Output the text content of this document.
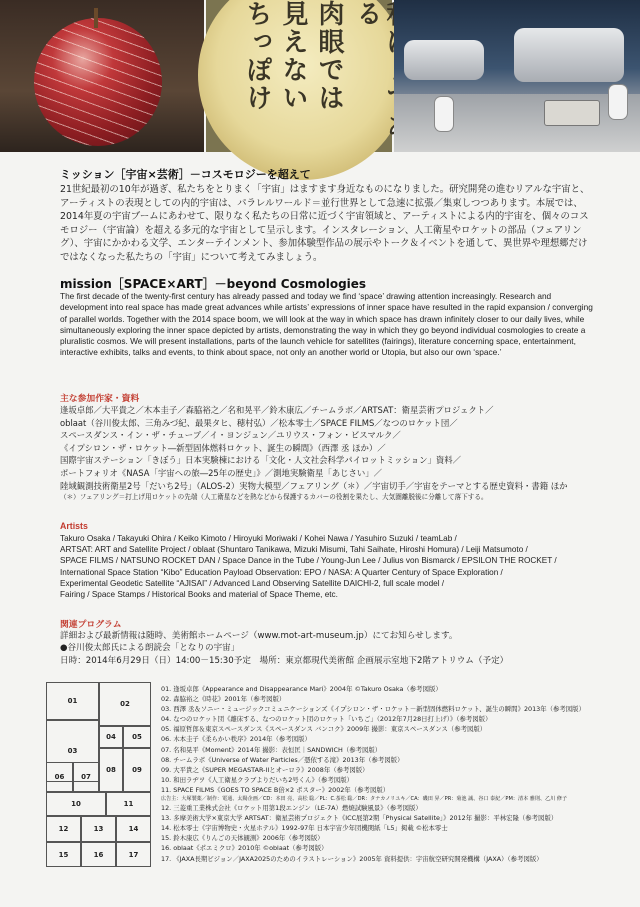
る
肉眼では
見えない
ちっぽけ
ミッション［宇宙×芸術］－コスモロジーを超えて
21世紀最初の10年が過ぎ、私たちをとりまく「宇宙」はますます身近なものになりました。研究開発の進むリアルな宇宙と、アーティストの表現としての内的宇宙は、パラレルワールド＝並行世界として急速に拡張／集束しつつあります。本展では、2014年夏の宇宙ブームにあわせて、限りなく私たちの日常に近づく宇宙領域と、アーティストによる内的宇宙を、個々のコスモロジー（宇宙論）を超える多元的な宇宙として呈示します。インスタレーション、人工衛星やロケットの部品（フェアリング）、宇宙にかかわる文学、エンターテインメント、参加体験型作品の展示やトーク＆イベントを通して、異世界や理想郷だけではなくなった私たちの「宇宙」について考えてみましょう。
mission［SPACE×ART］－beyond Cosmologies
The first decade of the twenty-first century has already passed and today we find ‘space’ drawing attention increasingly. Research and development into real space has made great advances while artists’ expressions of inner space have resulted in the rapid expansion / converging of parallel worlds. Together with the 2014 space boom, we will look at the way in which space has drawn infinitely closer to our daily lives, while simultaneously exploring the inner space depicted by artists, demonstrating the way in which they go beyond individual cosmologies to create a pluralistic cosmos. We will present installations, parts of the launch vehicle for satellites (fairings), literature concerning space, entertainment, interactive exhibits, talks and events, to think about space, not only an another world or Utopia, but also our own ‘space.’
主な参加作家・資料
逢坂卓郎／大平貴之／木本圭子／森脇裕之／名和晃平／鈴木康広／チームラボ／ARTSAT：衛星芸術プロジェクト／
oblaat（谷川俊太郎、三角みづ紀、最果タヒ、穂村弘）／松本零士／SPACE FILMS／なつのロケット団／
スペースダンス・イン・ザ・チューブ／イ・ヨンジュン／ユリウス・フォン・ビスマルク／
《イプシロン・ザ・ロケット―新型固体燃料ロケット、誕生の瞬間》（西澤 丞 ほか）／
国際宇宙ステーション「きぼう」日本実験棟における「文化・人文社会科学パイロットミッション」資料／
ポートフォリオ《NASA「宇宙への旅―25年の歴史」》／測地実験衛星「あじさい」／
陸域観測技術衛星2号「だいち2号」（ALOS-2）実物大模型／フェアリング（＊）／宇宙切手／宇宙をテーマとする歴史資料・書籍 ほか
（＊）フェアリング＝打上げ用ロケットの先端（人工衛星などを熱などから保護するカバーの役割を果たし、大気圏離脱後に分離して落下する。
Artists
Takuro Osaka / Takayuki Ohira / Keiko Kimoto / Hiroyuki Moriwaki / Kohei Nawa / Yasuhiro Suzuki / teamLab /
ARTSAT: ART and Satellite Project / oblaat (Shuntaro Tanikawa, Mizuki Misumi, Tahi Saihate, Hiroshi Homura) / Leiji Matsumoto /
SPACE FILMS / NATSUNO ROCKET DAN / Space Dance in the Tube / Young-Jun Lee / Julius von Bismarck / EPSILON THE ROCKET /
International Space Station “Kibo” Education Payload Observation: EPO / NASA: A Quarter Century of Space Exploration /
Experimental Geodetic Satellite “AJISAI” / Advanced Land Observing Satellite DAICHI-2, full scale model /
Fairing / Space Stamps / Historical Books and material of Space Theme, etc.
関連プログラム
詳細および最新情報は随時、美術館ホームページ（www.mot-art-museum.jp）にてお知らせします。
●谷川俊太郎氏による朗読会「となりの宇宙」
日時：2014年6月29日（日）14:00－15:30予定　場所：東京都現代美術館 企画展示室地下2階アトリウム（予定）
01	02
03
04	05
06	07
08	09
10	11
12	13	14
15	16	17
01. 逢坂卓郎《Appearance and Disappearance Mari》2004年 ©Takuro Osaka（参考図版）
02. 森脇裕之《時花》2001年（参考図版）
03. 西澤 丞＆ソニー・ミュージックコミュニケーションズ《イプシロン・ザ・ロケット－新型固体燃料ロケット、誕生の瞬間》2013年（参考図版）
04. なつのロケット団《離床する、なつのロケット団のロケット「いちご」（2012年7月28日打上げ）》（参考図版）
05. 福原哲郎＆東京スペースダンス《スペースダンス バンコク》2009年 撮影：東京スペースダンス（参考図版）
06. 木本圭子《柔らかい秩序》2014年（参考図版）
07. 名和晃平《Moment》2014年 撮影：表恒匡｜SANDWICH（参考図版）
08. チームラボ《Universe of Water Particles／憑依する滝》2013年（参考図版）
09. 大平貴之《SUPER MEGASTAR-IIとオーロラ》2008年（参考図版）
10. 和田ラヂヲ《人工衛星クラブよりだいち2号くん》（参考図版）
11. SPACE FILMS《GOES TO SPACE B倍×2 ポスター》2002年（参考図版）
広告主：大塚製薬／制作：電通、太陽企画／CD：本田 亮、高松 聡／PL：C.茶松 聡／DR：タナカノリユキ／CA：磯田 昇／PR：菊池 誠、谷口 泰紀／PM：清本 雅則、乙川 修子
12. 三菱重工業株式会社《ロケット用第1段エンジン（LE-7A）燃焼試験風景》（参考図版）
13. 多摩美術大学×東京大学 ARTSAT：衛星芸術プロジェクト《ICC展第2期「Physical Satellite」》2012年 撮影：平林宏隆（参考図版）
14. 松本零士《宇宙博物史・火星ホテル》1992-97年 日本宇宙少年団機関紙「L5」掲載 ©松本零士
15. 鈴木康広《りんごの天体観測》2006年（参考図版）
16. oblaat《ポエミクロ》2010年 ©oblaat（参考図版）
17. 《JAXA長期ビジョン／JAXA2025のためのイラストレーション》2005年 資料提供：宇宙航空研究開発機構（JAXA）（参考図版）
